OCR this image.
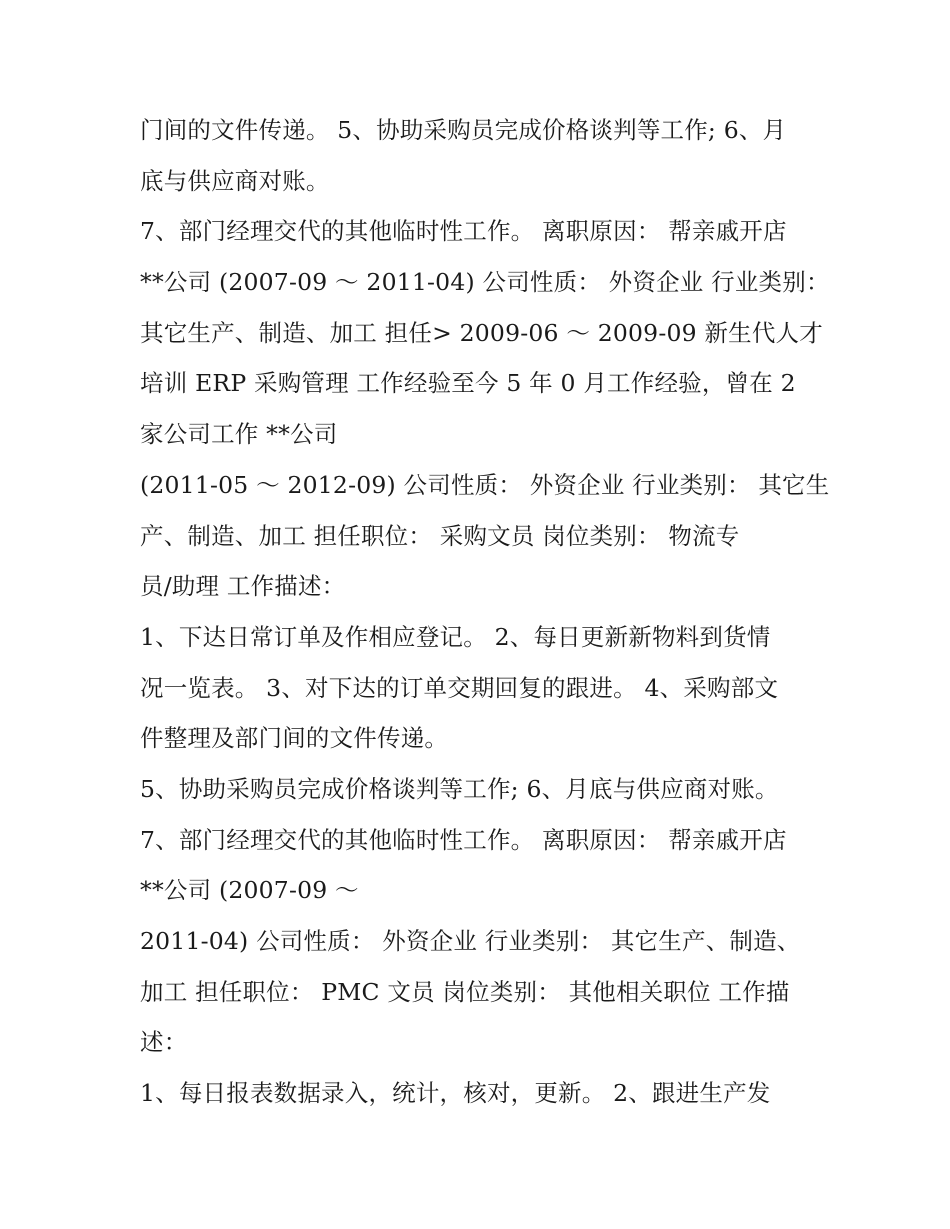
门间的文件传递。 5、协助采购员完成价格谈判等工作; 6、月
底与供应商对账。
7、部门经理交代的其他临时性工作。 离职原因： 帮亲戚开店
**公司 (2007-09 ～ 2011-04) 公司性质： 外资企业 行业类别：
其它生产、制造、加工 担任> 2009-06 ～ 2009-09 新生代人才
培训 ERP 采购管理 工作经验至今 5 年 0 月工作经验，曾在 2
家公司工作 **公司
(2011-05 ～ 2012-09) 公司性质： 外资企业 行业类别： 其它生
产、制造、加工 担任职位： 采购文员 岗位类别： 物流专
员/助理 工作描述：
1、下达日常订单及作相应登记。 2、每日更新新物料到货情
况一览表。 3、对下达的订单交期回复的跟进。 4、采购部文
件整理及部门间的文件传递。
5、协助采购员完成价格谈判等工作; 6、月底与供应商对账。
7、部门经理交代的其他临时性工作。 离职原因： 帮亲戚开店
**公司 (2007-09 ～
2011-04) 公司性质： 外资企业 行业类别： 其它生产、制造、
加工 担任职位： PMC 文员 岗位类别： 其他相关职位 工作描
述：
1、每日报表数据录入，统计，核对，更新。 2、跟进生产发
